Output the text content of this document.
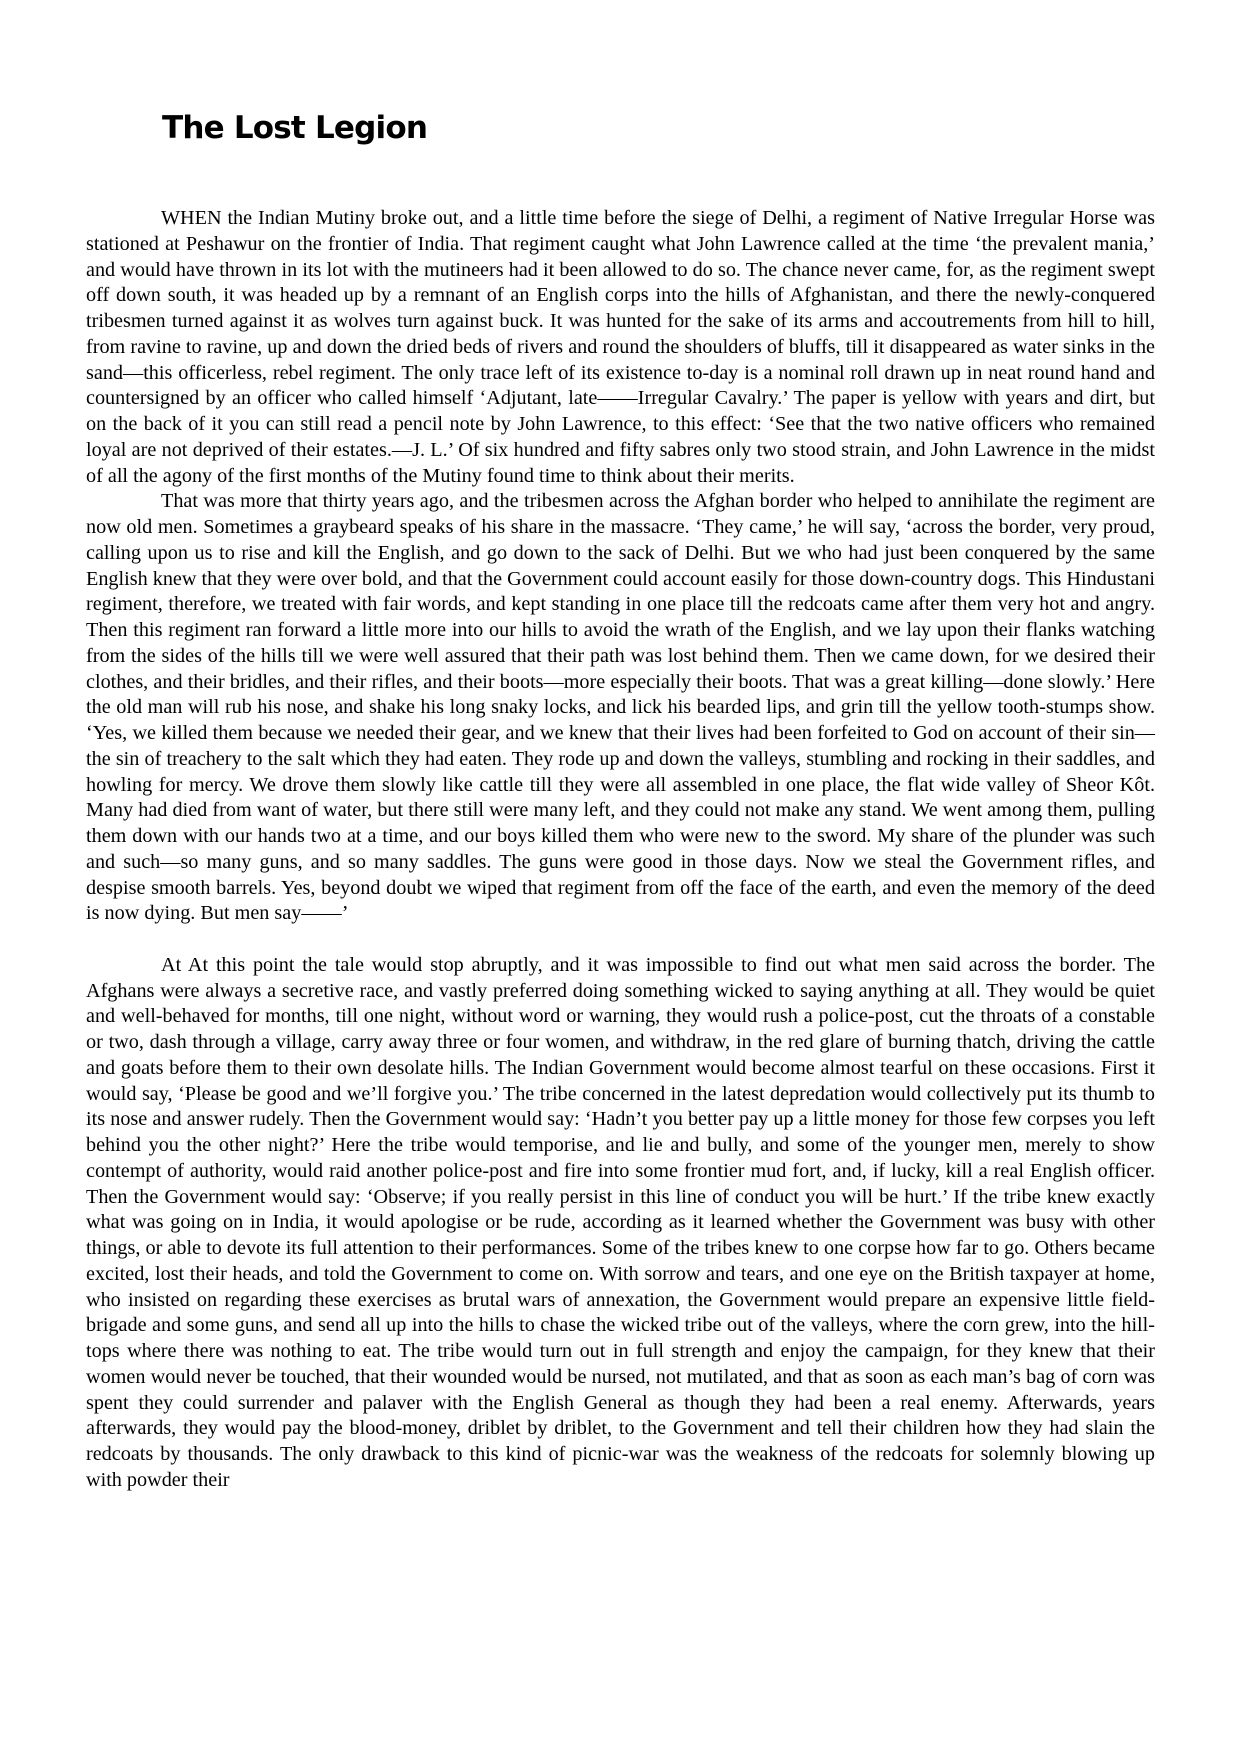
The Lost Legion

WHEN the Indian Mutiny broke out, and a little time before the siege of Delhi, a regiment of Native Irregular Horse was stationed at Peshawur on the frontier of India. That regiment caught what John Lawrence called at the time ‘the prevalent mania,’ and would have thrown in its lot with the mutineers had it been allowed to do so. The chance never came, for, as the regiment swept off down south, it was headed up by a remnant of an English corps into the hills of Afghanistan, and there the newly-conquered tribesmen turned against it as wolves turn against buck. It was hunted for the sake of its arms and accoutrements from hill to hill, from ravine to ravine, up and down the dried beds of rivers and round the shoulders of bluffs, till it disappeared as water sinks in the sand—this officerless, rebel regiment. The only trace left of its existence to-day is a nominal roll drawn up in neat round hand and countersigned by an officer who called himself ‘Adjutant, late——Irregular Cavalry.’ The paper is yellow with years and dirt, but on the back of it you can still read a pencil note by John Lawrence, to this effect: ‘See that the two native officers who remained loyal are not deprived of their estates.—J. L.’ Of six hundred and fifty sabres only two stood strain, and John Lawrence in the midst of all the agony of the first months of the Mutiny found time to think about their merits.

That was more that thirty years ago, and the tribesmen across the Afghan border who helped to annihilate the regiment are now old men. Sometimes a graybeard speaks of his share in the massacre. ‘They came,’ he will say, ‘across the border, very proud, calling upon us to rise and kill the English, and go down to the sack of Delhi. But we who had just been conquered by the same English knew that they were over bold, and that the Government could account easily for those down-country dogs. This Hindustani regiment, therefore, we treated with fair words, and kept standing in one place till the redcoats came after them very hot and angry. Then this regiment ran forward a little more into our hills to avoid the wrath of the English, and we lay upon their flanks watching from the sides of the hills till we were well assured that their path was lost behind them. Then we came down, for we desired their clothes, and their bridles, and their rifles, and their boots—more especially their boots. That was a great killing—done slowly.’ Here the old man will rub his nose, and shake his long snaky locks, and lick his bearded lips, and grin till the yellow tooth-stumps show. ‘Yes, we killed them because we needed their gear, and we knew that their lives had been forfeited to God on account of their sin—the sin of treachery to the salt which they had eaten. They rode up and down the valleys, stumbling and rocking in their saddles, and howling for mercy. We drove them slowly like cattle till they were all assembled in one place, the flat wide valley of Sheor Kôt. Many had died from want of water, but there still were many left, and they could not make any stand. We went among them, pulling them down with our hands two at a time, and our boys killed them who were new to the sword. My share of the plunder was such and such—so many guns, and so many saddles. The guns were good in those days. Now we steal the Government rifles, and despise smooth barrels. Yes, beyond doubt we wiped that regiment from off the face of the earth, and even the memory of the deed is now dying. But men say——’

At At this point the tale would stop abruptly, and it was impossible to find out what men said across the border. The Afghans were always a secretive race, and vastly preferred doing something wicked to saying anything at all. They would be quiet and well-behaved for months, till one night, without word or warning, they would rush a police-post, cut the throats of a constable or two, dash through a village, carry away three or four women, and withdraw, in the red glare of burning thatch, driving the cattle and goats before them to their own desolate hills. The Indian Government would become almost tearful on these occasions. First it would say, ‘Please be good and we’ll forgive you.’ The tribe concerned in the latest depredation would collectively put its thumb to its nose and answer rudely. Then the Government would say: ‘Hadn’t you better pay up a little money for those few corpses you left behind you the other night?’ Here the tribe would temporise, and lie and bully, and some of the younger men, merely to show contempt of authority, would raid another police-post and fire into some frontier mud fort, and, if lucky, kill a real English officer. Then the Government would say: ‘Observe; if you really persist in this line of conduct you will be hurt.’ If the tribe knew exactly what was going on in India, it would apologise or be rude, according as it learned whether the Government was busy with other things, or able to devote its full attention to their performances. Some of the tribes knew to one corpse how far to go. Others became excited, lost their heads, and told the Government to come on. With sorrow and tears, and one eye on the British taxpayer at home, who insisted on regarding these exercises as brutal wars of annexation, the Government would prepare an expensive little field-brigade and some guns, and send all up into the hills to chase the wicked tribe out of the valleys, where the corn grew, into the hill-tops where there was nothing to eat. The tribe would turn out in full strength and enjoy the campaign, for they knew that their women would never be touched, that their wounded would be nursed, not mutilated, and that as soon as each man’s bag of corn was spent they could surrender and palaver with the English General as though they had been a real enemy. Afterwards, years afterwards, they would pay the blood-money, driblet by driblet, to the Government and tell their children how they had slain the redcoats by thousands. The only drawback to this kind of picnic-war was the weakness of the redcoats for solemnly blowing up with powder their
